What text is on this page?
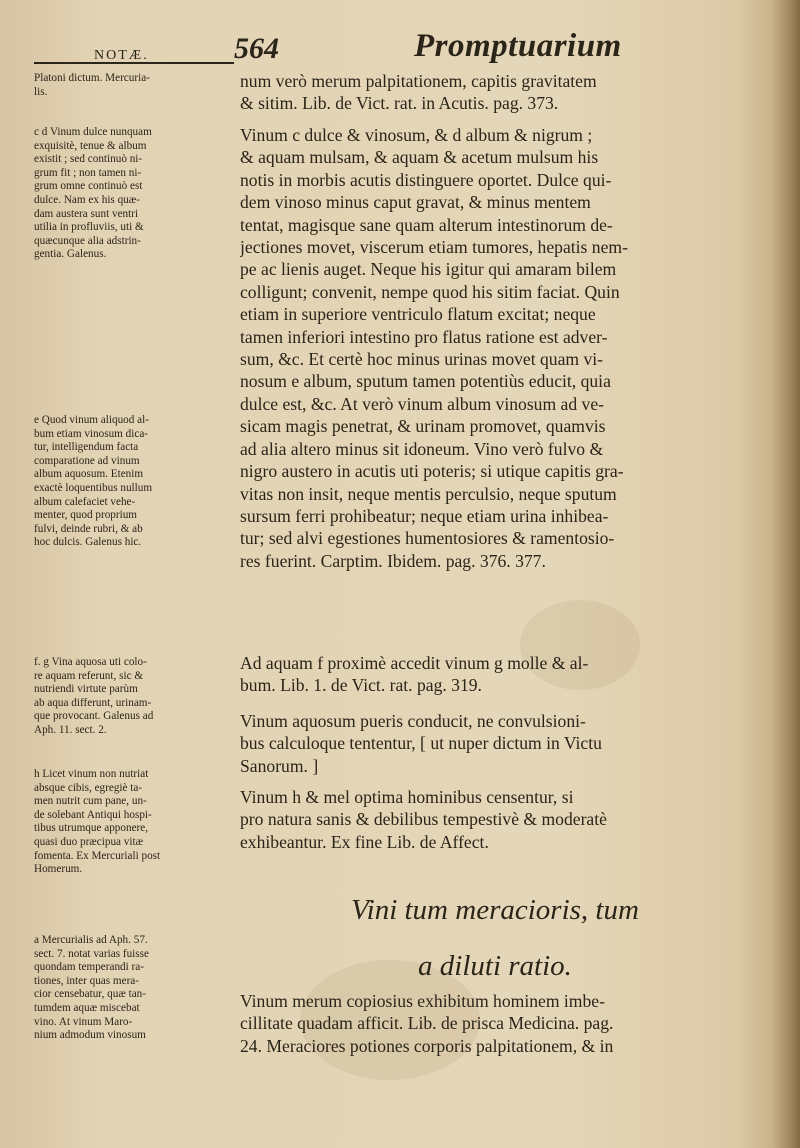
NOTÆ.	564	Promptuarium
Platoni dictum. Mercuria-
lis.
c d Vinum dulce nunquam
exquisitè, tenue & album
existit ; sed continuò ni-
grum fit ; non tamen ni-
grum omne continuò est
dulce. Nam ex his quæ-
dam austera sunt ventri
utilia in profluviis, uti &
quæcunque alia adstrin-
gentia. Galenus.
e Quod vinum aliquod al-
bum etiam vinosum dica-
tur, intelligendum facta
comparatione ad vinum
album aquosum. Etenim
exactè loquentibus nullum
album calefaciet vehe-
menter, quod proprium
fulvi, deinde rubri, & ab
hoc dulcis. Galenus hic.
f. g Vina aquosa uti colo-
re aquam referunt, sic &
nutriendi virtute parùm
ab aqua differunt, urinam-
que provocant. Galenus ad
Aph. 11. sect. 2.
h Licet vinum non nutriat
absque cibis, egregiè ta-
men nutrit cum pane, un-
de solebant Antiqui hospi-
tibus utrumque apponere,
quasi duo præcipua vitæ
fomenta. Ex Mercuriali post
Homerum.
a Mercurialis ad Aph. 57.
sect. 7. notat varias fuisse
quondam temperandi ra-
tiones, inter quas mera-
cior censebatur, quæ tan-
tumdem aquæ miscebat
vino. At vinum Maro-
nium admodum vinosum
num verò merum palpitationem, capitis gravitatem
& sitim. Lib. de Vict. rat. in Acutis. pag. 373.
Vinum c dulce & vinosum, & d album & nigrum ;
& aquam mulsam, & aquam & acetum mulsum his
notis in morbis acutis distinguere oportet. Dulce qui-
dem vinoso minus caput gravat, & minus mentem
tentat, magisque sane quam alterum intestinorum de-
jectiones movet, viscerum etiam tumores, hepatis nem-
pe ac lienis auget. Neque his igitur qui amaram bilem
colligunt; convenit, nempe quod his sitim faciat. Quin
etiam in superiore ventriculo flatum excitat; neque
tamen inferiori intestino pro flatus ratione est adver-
sum, &c. Et certè hoc minus urinas movet quam vi-
nosum e album, sputum tamen potentiùs educit, quia
dulce est, &c. At verò vinum album vinosum ad ve-
sicam magis penetrat, & urinam promovet, quamvis
ad alia altero minus sit idoneum. Vino verò fulvo &
nigro austero in acutis uti poteris; si utique capitis gra-
vitas non insit, neque mentis perculsio, neque sputum
sursum ferri prohibeatur; neque etiam urina inhibea-
tur; sed alvi egestiones humentosiores & ramentosio-
res fuerint. Carptim. Ibidem. pag. 376. 377.
Ad aquam f proximè accedit vinum g molle & al-
bum. Lib. 1. de Vict. rat. pag. 319.
Vinum aquosum pueris conducit, ne convulsioni-
bus calculoque tententur, [ ut nuper dictum in Victu
Sanorum. ]
Vinum h & mel optima hominibus censentur, si
pro natura sanis & debilibus tempestivè & moderatè
exhibeantur. Ex fine Lib. de Affect.
Vinum merum copiosius exhibitum hominem imbe-
cillitate quadam afficit. Lib. de prisca Medicina. pag.
24. Meraciores potiones corporis palpitationem, & in
Vini tum meracioris, tum
a diluti ratio.
